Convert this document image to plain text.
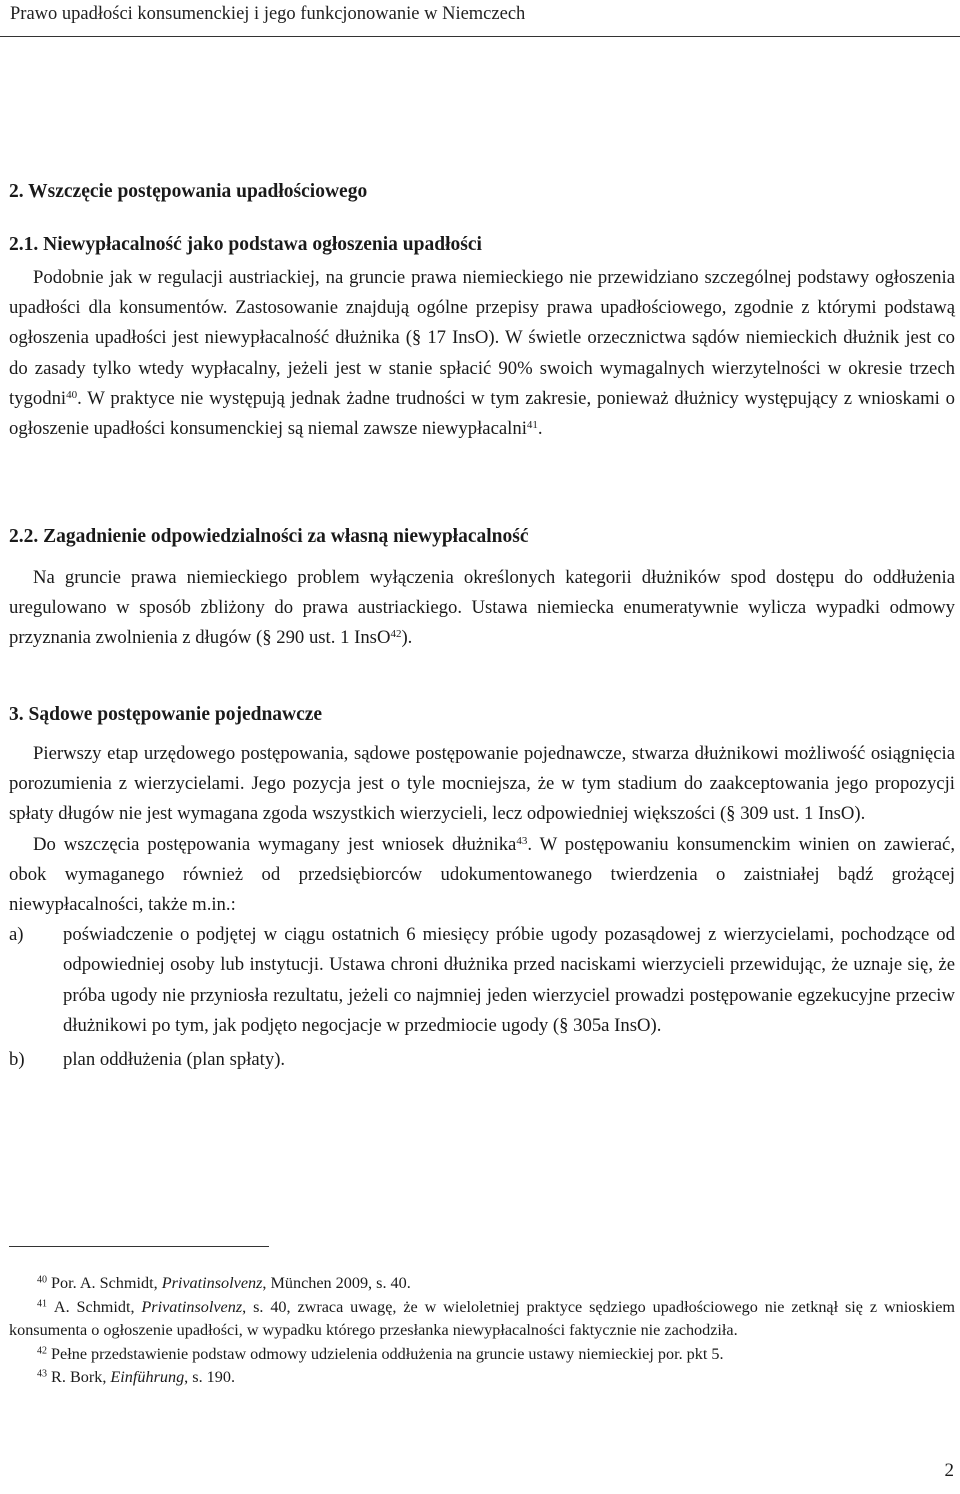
Prawo upadłości konsumenckiej i jego funkcjonowanie w Niemczech

2. Wszczęcie postępowania upadłościowego

2.1. Niewypłacalność jako podstawa ogłoszenia upadłości

Podobnie jak w regulacji austriackiej, na gruncie prawa niemieckiego nie przewidziano szczególnej podstawy ogłoszenia upadłości dla konsumentów. Zastosowanie znajdują ogólne przepisy prawa upadłościowego, zgodnie z którymi podstawą ogłoszenia upadłości jest niewypłacalność dłużnika (§ 17 InsO). W świetle orzecznictwa sądów niemieckich dłużnik jest co do zasady tylko wtedy wypłacalny, jeżeli jest w stanie spłacić 90% swoich wymagalnych wierzytelności w okresie trzech tygodni$^{40}$. W praktyce nie występują jednak żadne trudności w tym zakresie, ponieważ dłużnicy występujący z wnioskami o ogłoszenie upadłości konsumenckiej są niemal zawsze niewypłacalni$^{41}$.

2.2. Zagadnienie odpowiedzialności za własną niewypłacalność

Na gruncie prawa niemieckiego problem wyłączenia określonych kategorii dłużników spod dostępu do oddłużenia uregulowano w sposób zbliżony do prawa austriackiego. Ustawa niemiecka enumeratywnie wylicza wypadki odmowy przyznania zwolnienia z długów (§ 290 ust. 1 InsO$^{42}$).

3. Sądowe postępowanie pojednawcze

Pierwszy etap urzędowego postępowania, sądowe postępowanie pojednawcze, stwarza dłużnikowi możliwość osiągnięcia porozumienia z wierzycielami. Jego pozycja jest o tyle mocniejsza, że w tym stadium do zaakceptowania jego propozycji spłaty długów nie jest wymagana zgoda wszystkich wierzycieli, lecz odpowiedniej większości (§ 309 ust. 1 InsO).

Do wszczęcia postępowania wymagany jest wniosek dłużnika$^{43}$. W postępowaniu konsumenckim winien on zawierać, obok wymaganego również od przedsiębiorców udokumentowanego twierdzenia o zaistniałej bądź grożącej niewypłacalności, także m.in.:

a)	poświadczenie o podjętej w ciągu ostatnich 6 miesięcy próbie ugody pozasądowej z wierzycielami, pochodzące od odpowiedniej osoby lub instytucji. Ustawa chroni dłużnika przed naciskami wierzycieli przewidując, że uznaje się, że próba ugody nie przyniosła rezultatu, jeżeli co najmniej jeden wierzyciel prowadzi postępowanie egzekucyjne przeciw dłużnikowi po tym, jak podjęto negocjacje w przedmiocie ugody (§ 305a InsO).
b)	plan oddłużenia (plan spłaty).

$^{40}$ Por. A. Schmidt, Privatinsolvenz, München 2009, s. 40.

$^{41}$ A. Schmidt, Privatinsolvenz, s. 40, zwraca uwagę, że w wieloletniej praktyce sędziego upadłościowego nie zetknął się z wnioskiem konsumenta o ogłoszenie upadłości, w wypadku którego przesłanka niewypłacalności faktycznie nie zachodziła.

$^{42}$ Pełne przedstawienie podstaw odmowy udzielenia oddłużenia na gruncie ustawy niemieckiej por. pkt 5.

$^{43}$ R. Bork, Einführung, s. 190.

2
